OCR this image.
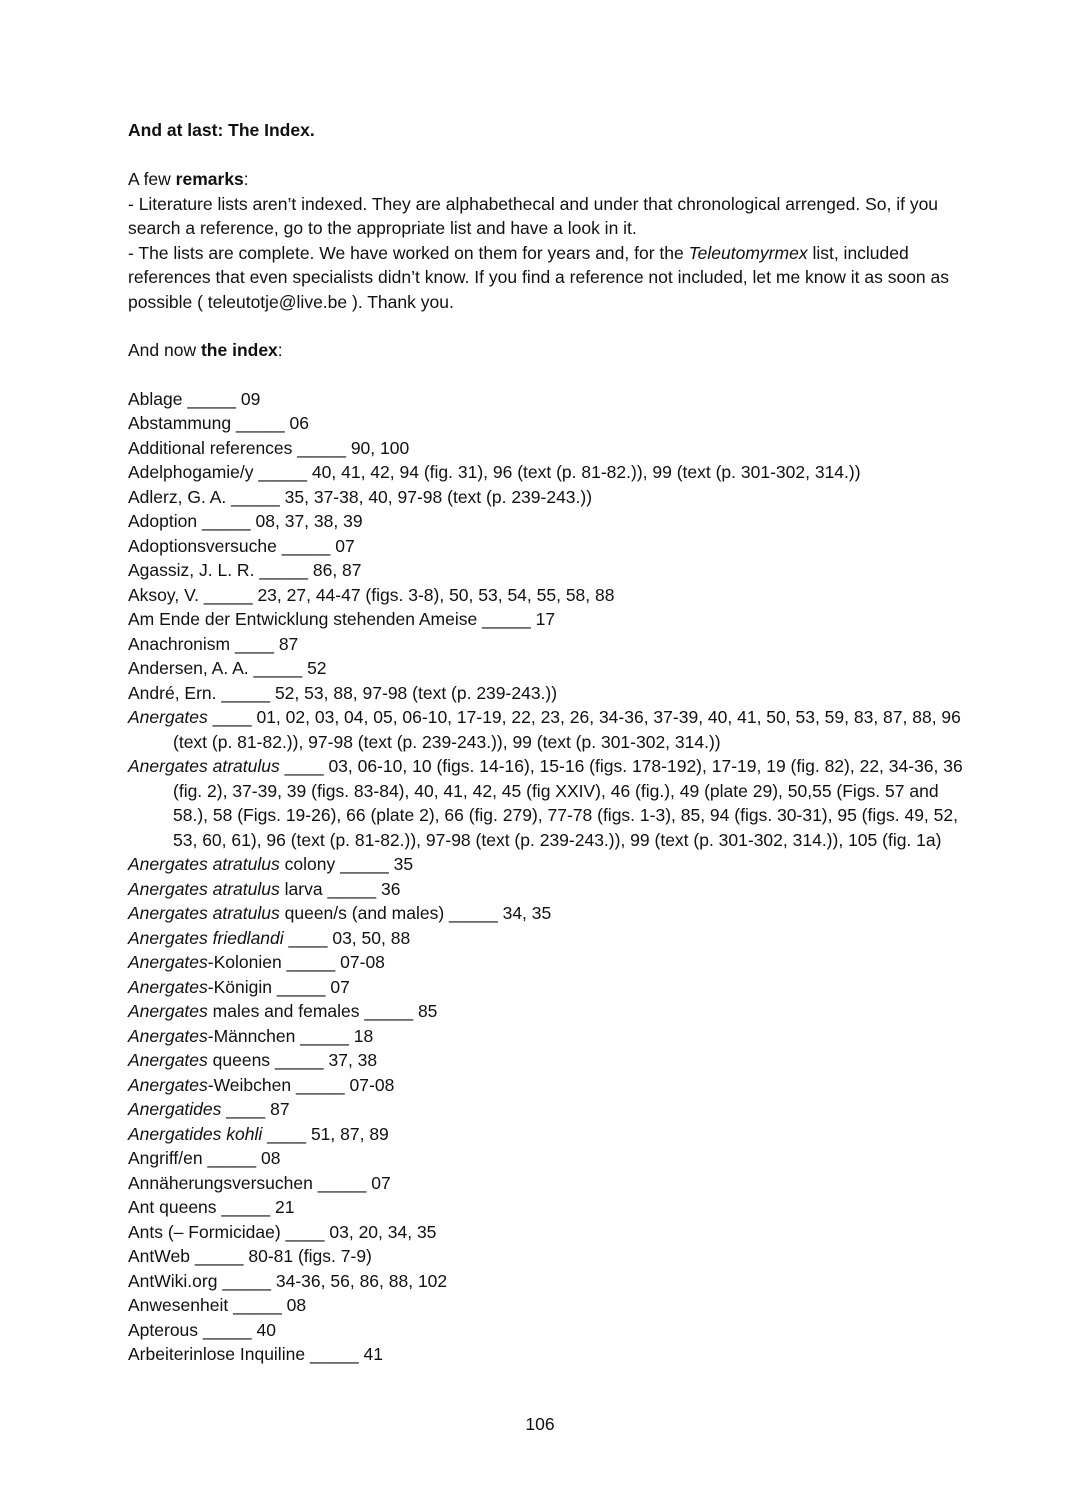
And at last: The Index.

A few remarks:

- Literature lists aren’t indexed. They are alphabethecal and under that chronological arrenged. So, if you search a reference, go to the appropriate list and have a look in it.

- The lists are complete. We have worked on them for years and, for the Teleutomyrmex list, included references that even specialists didn’t know. If you find a reference not included, let me know it as soon as possible ( teleutotje@live.be ). Thank you.

And now the index:

Ablage _____ 09
Abstammung _____ 06
Additional references _____ 90, 100
Adelphogamie/y _____ 40, 41, 42, 94 (fig. 31), 96 (text (p. 81-82.)), 99 (text (p. 301-302, 314.))
Adlerz, G. A. _____ 35, 37-38, 40, 97-98 (text (p. 239-243.))
Adoption _____ 08, 37, 38, 39
Adoptionsversuche _____ 07
Agassiz, J. L. R. _____ 86, 87
Aksoy, V. _____ 23, 27, 44-47 (figs. 3-8), 50, 53, 54, 55, 58, 88
Am Ende der Entwicklung stehenden Ameise _____ 17
Anachronism ____ 87
Andersen, A. A. _____ 52
André, Ern. _____ 52, 53, 88, 97-98 (text (p. 239-243.))
Anergates ____ 01, 02, 03, 04, 05, 06-10, 17-19, 22, 23, 26, 34-36, 37-39, 40, 41, 50, 53, 59, 83, 87, 88, 96 (text (p. 81-82.)), 97-98 (text (p. 239-243.)), 99 (text (p. 301-302, 314.))
Anergates atratulus ____ 03, 06-10, 10 (figs. 14-16), 15-16 (figs. 178-192), 17-19, 19 (fig. 82), 22, 34-36, 36 (fig. 2), 37-39, 39 (figs. 83-84), 40, 41, 42, 45 (fig XXIV), 46 (fig.), 49 (plate 29), 50,55 (Figs. 57 and 58.), 58 (Figs. 19-26), 66 (plate 2), 66 (fig. 279), 77-78 (figs. 1-3), 85, 94 (figs. 30-31), 95 (figs. 49, 52, 53, 60, 61), 96 (text (p. 81-82.)), 97-98 (text (p. 239-243.)), 99 (text (p. 301-302, 314.)), 105 (fig. 1a)
Anergates atratulus colony _____ 35
Anergates atratulus larva _____ 36
Anergates atratulus queen/s (and males) _____ 34, 35
Anergates friedlandi ____ 03, 50, 88
Anergates-Kolonien _____ 07-08
Anergates-Königin _____ 07
Anergates males and females _____ 85
Anergates-Männchen _____ 18
Anergates queens _____ 37, 38
Anergates-Weibchen _____ 07-08
Anergatides ____ 87
Anergatides kohli ____ 51, 87, 89
Angriff/en _____ 08
Annäherungsversuchen _____ 07
Ant queens _____ 21
Ants (– Formicidae) ____ 03, 20, 34, 35
AntWeb _____ 80-81 (figs. 7-9)
AntWiki.org _____ 34-36, 56, 86, 88, 102
Anwesenheit _____ 08
Apterous _____ 40
Arbeiterinlose Inquiline _____ 41
106
